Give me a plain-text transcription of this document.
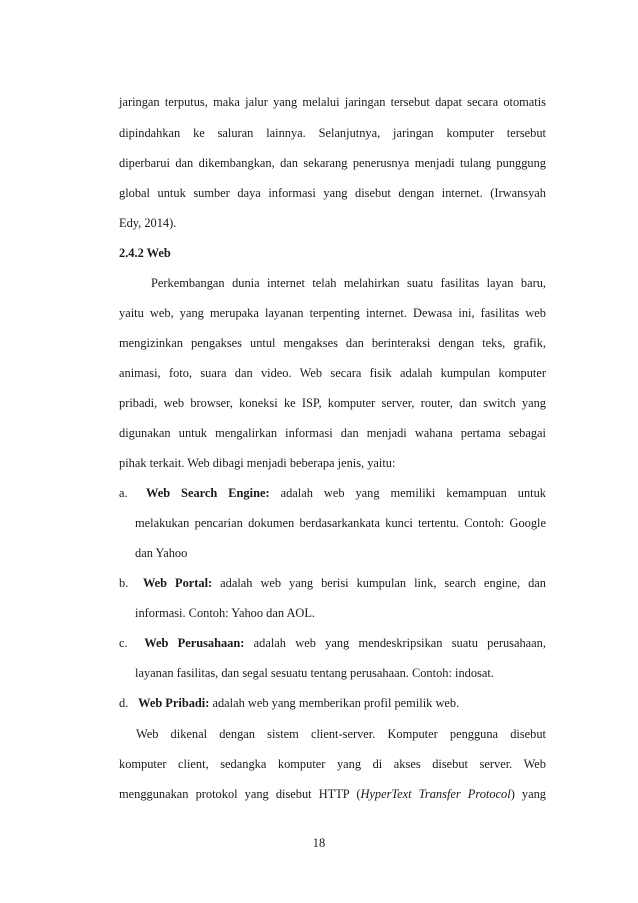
jaringan terputus, maka jalur yang melalui jaringan tersebut dapat secara otomatis
dipindahkan ke saluran lainnya. Selanjutnya, jaringan komputer tersebut
diperbarui dan dikembangkan, dan sekarang penerusnya menjadi tulang punggung
global untuk sumber daya informasi yang disebut dengan internet. (Irwansyah
Edy, 2014).
2.4.2 Web
Perkembangan dunia internet telah melahirkan suatu fasilitas layan baru,
yaitu web, yang merupaka layanan terpenting internet. Dewasa ini, fasilitas web
mengizinkan pengakses untul mengakses dan berinteraksi dengan teks, grafik,
animasi, foto, suara dan video. Web secara fisik adalah kumpulan komputer
pribadi, web browser, koneksi ke ISP, komputer server, router, dan switch yang
digunakan untuk mengalirkan informasi dan menjadi wahana pertama sebagai
pihak terkait. Web dibagi menjadi beberapa jenis, yaitu:
a. Web Search Engine: adalah web yang memiliki kemampuan untuk
melakukan pencarian dokumen berdasarkankata kunci tertentu. Contoh: Google
dan Yahoo
b. Web Portal: adalah web yang berisi kumpulan link, search engine, dan
informasi. Contoh: Yahoo dan AOL.
c. Web Perusahaan: adalah web yang mendeskripsikan suatu perusahaan,
layanan fasilitas, dan segal sesuatu tentang perusahaan. Contoh: indosat.
d. Web Pribadi: adalah web yang memberikan profil pemilik web.
Web dikenal dengan sistem client-server. Komputer pengguna disebut
komputer client, sedangka komputer yang di akses disebut server. Web
menggunakan protokol yang disebut HTTP (HyperText Transfer Protocol) yang
18
